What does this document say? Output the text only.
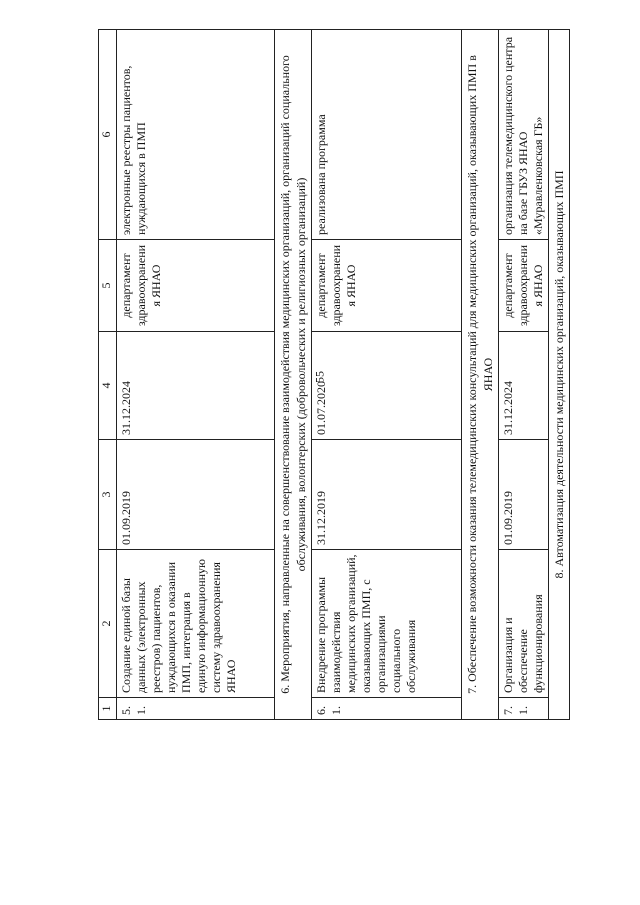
55
1	2	3	4	5	6
5.1.	Создание единой базы данных (электронных реестров) пациентов, нуждающихся в оказании ПМП, интеграция в единую информационную систему здравоохранения ЯНАО	01.09.2019	31.12.2024	департамент здравоохранения ЯНАО	электронные реестры пациентов, нуждающихся в ПМП
6. Мероприятия, направленные на совершенствование взаимодействия медицинских организаций, организаций социального обслуживания, волонтерских (добровольческих и религиозных организаций)					
6.1.	Внедрение программы взаимодействия медицинских организаций, оказывающих ПМП, с организациями социального обслуживания	31.12.2019	01.07.2020	департамент здравоохранения ЯНАО	реализована программа
7. Обеспечение возможности оказания телемедицинских консультаций для медицинских организаций, оказывающих ПМП в ЯНАО					
7.1.	Организация и обеспечение функционирования	01.09.2019	31.12.2024	департамент здравоохранения ЯНАО	организация телемедицинского центра на базе ГБУЗ ЯНАО «Муравленковская ГБ»
8. Автоматизация деятельности медицинских организаций, оказывающих ПМП					
